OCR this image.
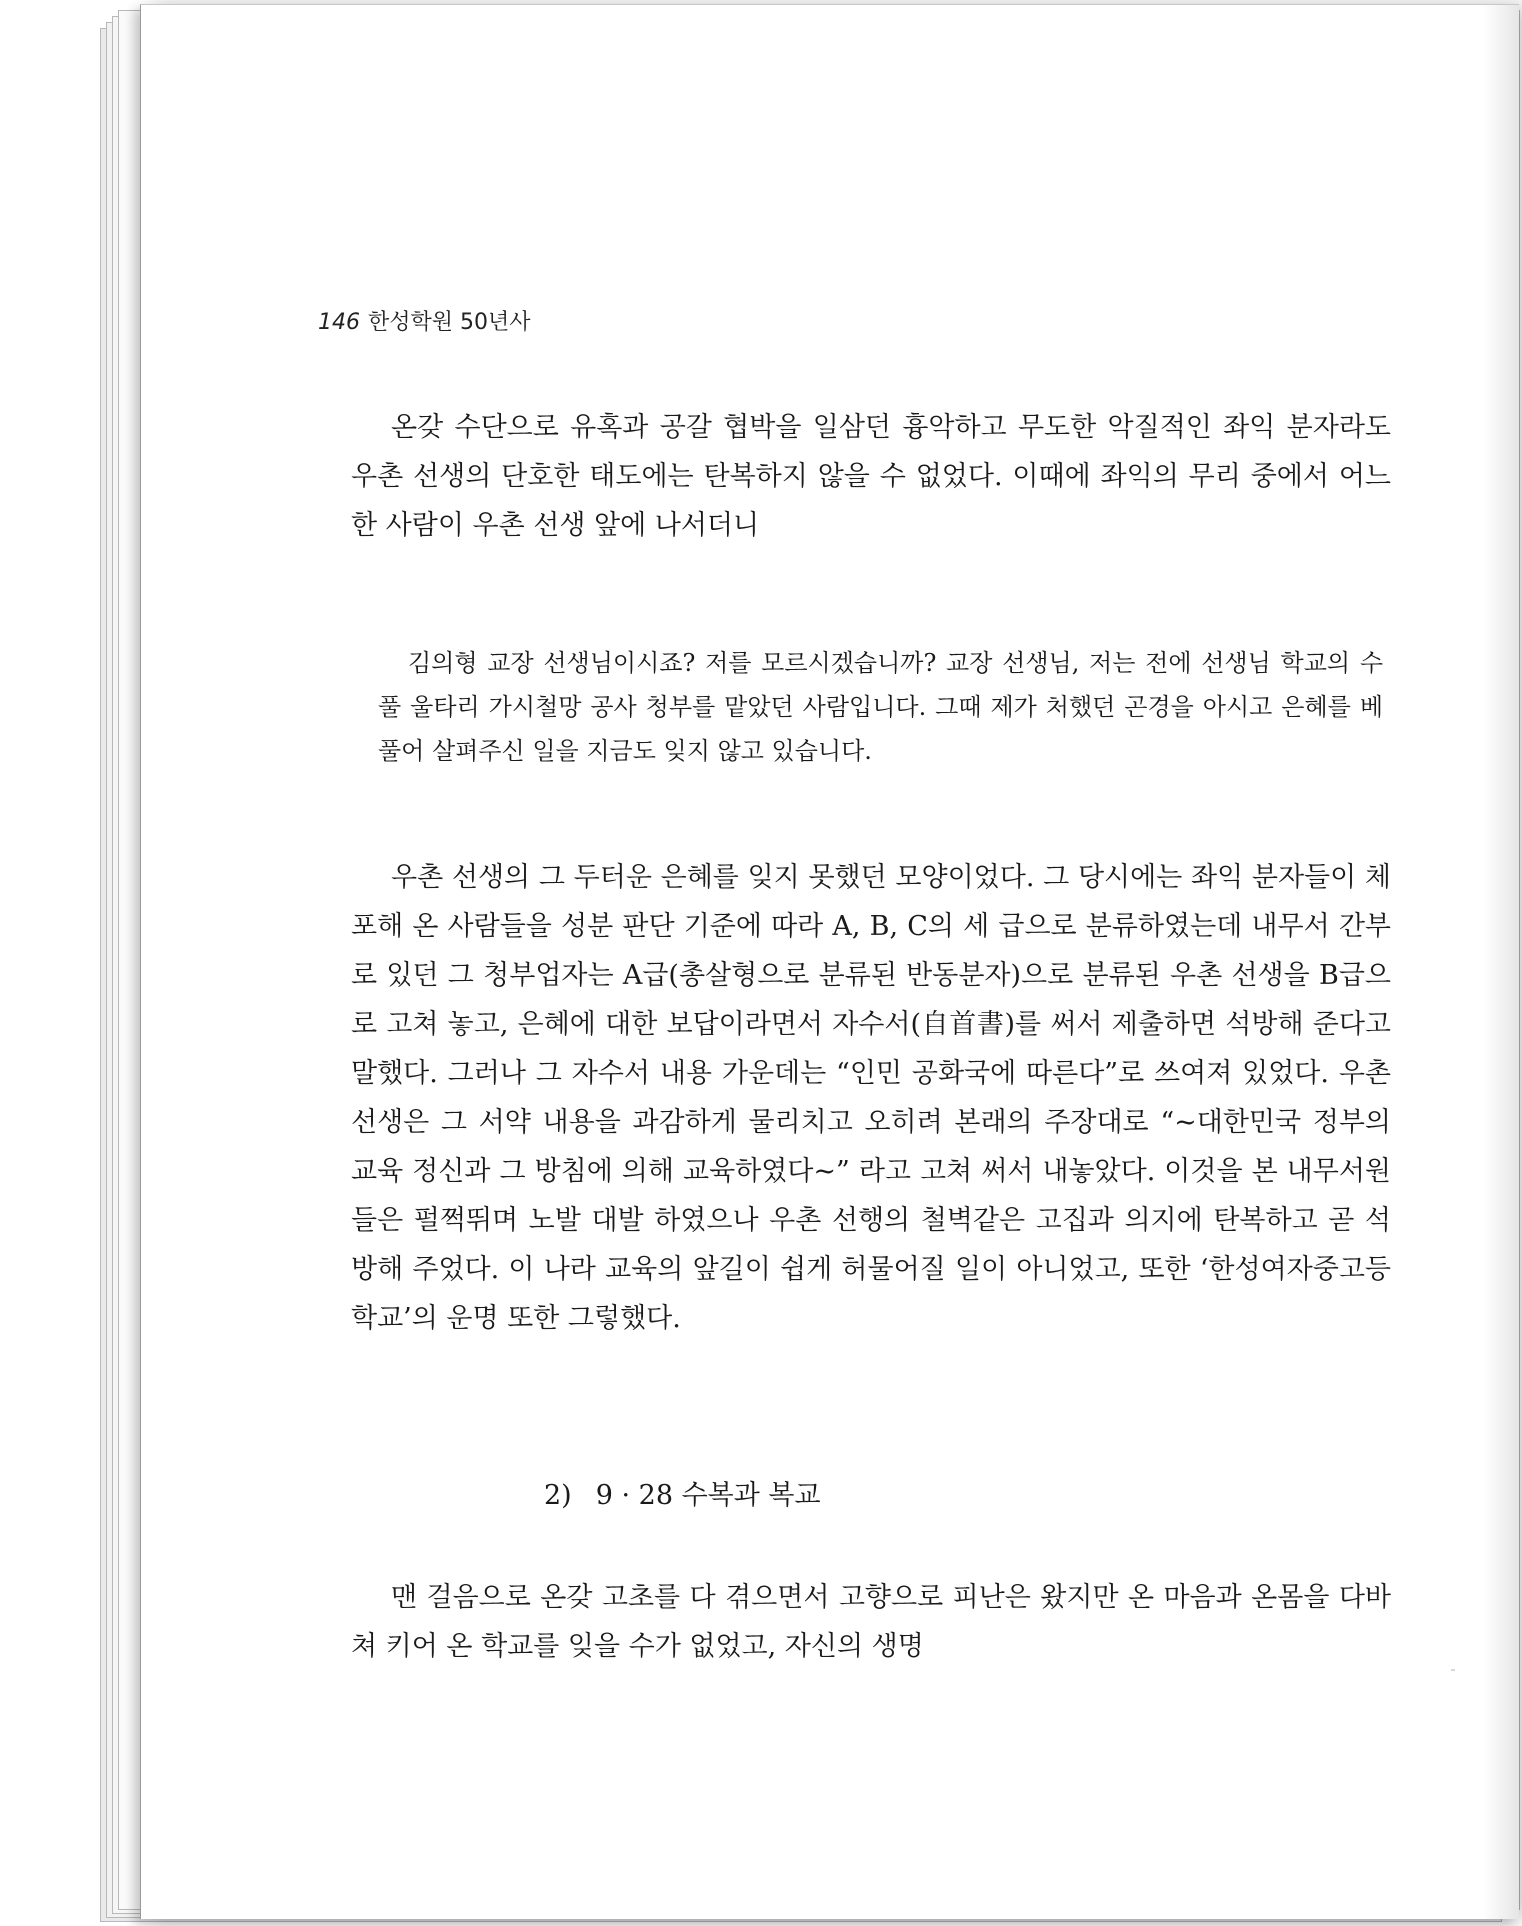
146 한성학원 50년사

온갖 수단으로 유혹과 공갈 협박을 일삼던 흉악하고 무도한 악질적인 좌익 분자라도 우촌 선생의 단호한 태도에는 탄복하지 않을 수 없었다. 이때에 좌익의 무리 중에서 어느 한 사람이 우촌 선생 앞에 나서더니

김의형 교장 선생님이시죠? 저를 모르시겠습니까? 교장 선생님, 저는 전에 선생님 학교의 수풀 울타리 가시철망 공사 청부를 맡았던 사람입니다. 그때 제가 처했던 곤경을 아시고 은혜를 베풀어 살펴주신 일을 지금도 잊지 않고 있습니다.

우촌 선생의 그 두터운 은혜를 잊지 못했던 모양이었다. 그 당시에는 좌익 분자들이 체포해 온 사람들을 성분 판단 기준에 따라 A, B, C의 세 급으로 분류하였는데 내무서 간부로 있던 그 청부업자는 A급(총살형으로 분류된 반동분자)으로 분류된 우촌 선생을 B급으로 고쳐 놓고, 은혜에 대한 보답이라면서 자수서(自首書)를 써서 제출하면 석방해 준다고 말했다. 그러나 그 자수서 내용 가운데는 “인민 공화국에 따른다”로 쓰여져 있었다. 우촌 선생은 그 서약 내용을 과감하게 물리치고 오히려 본래의 주장대로 “~대한민국 정부의 교육 정신과 그 방침에 의해 교육하였다~” 라고 고쳐 써서 내놓았다. 이것을 본 내무서원들은 펄쩍뛰며 노발 대발 하였으나 우촌 선행의 철벽같은 고집과 의지에 탄복하고 곧 석방해 주었다. 이 나라 교육의 앞길이 쉽게 허물어질 일이 아니었고, 또한 ‘한성여자중고등학교’의 운명 또한 그렇했다.

2) 9 · 28 수복과 복교

맨 걸음으로 온갖 고초를 다 겪으면서 고향으로 피난은 왔지만 온 마음과 온몸을 다바쳐 키어 온 학교를 잊을 수가 없었고, 자신의 생명
